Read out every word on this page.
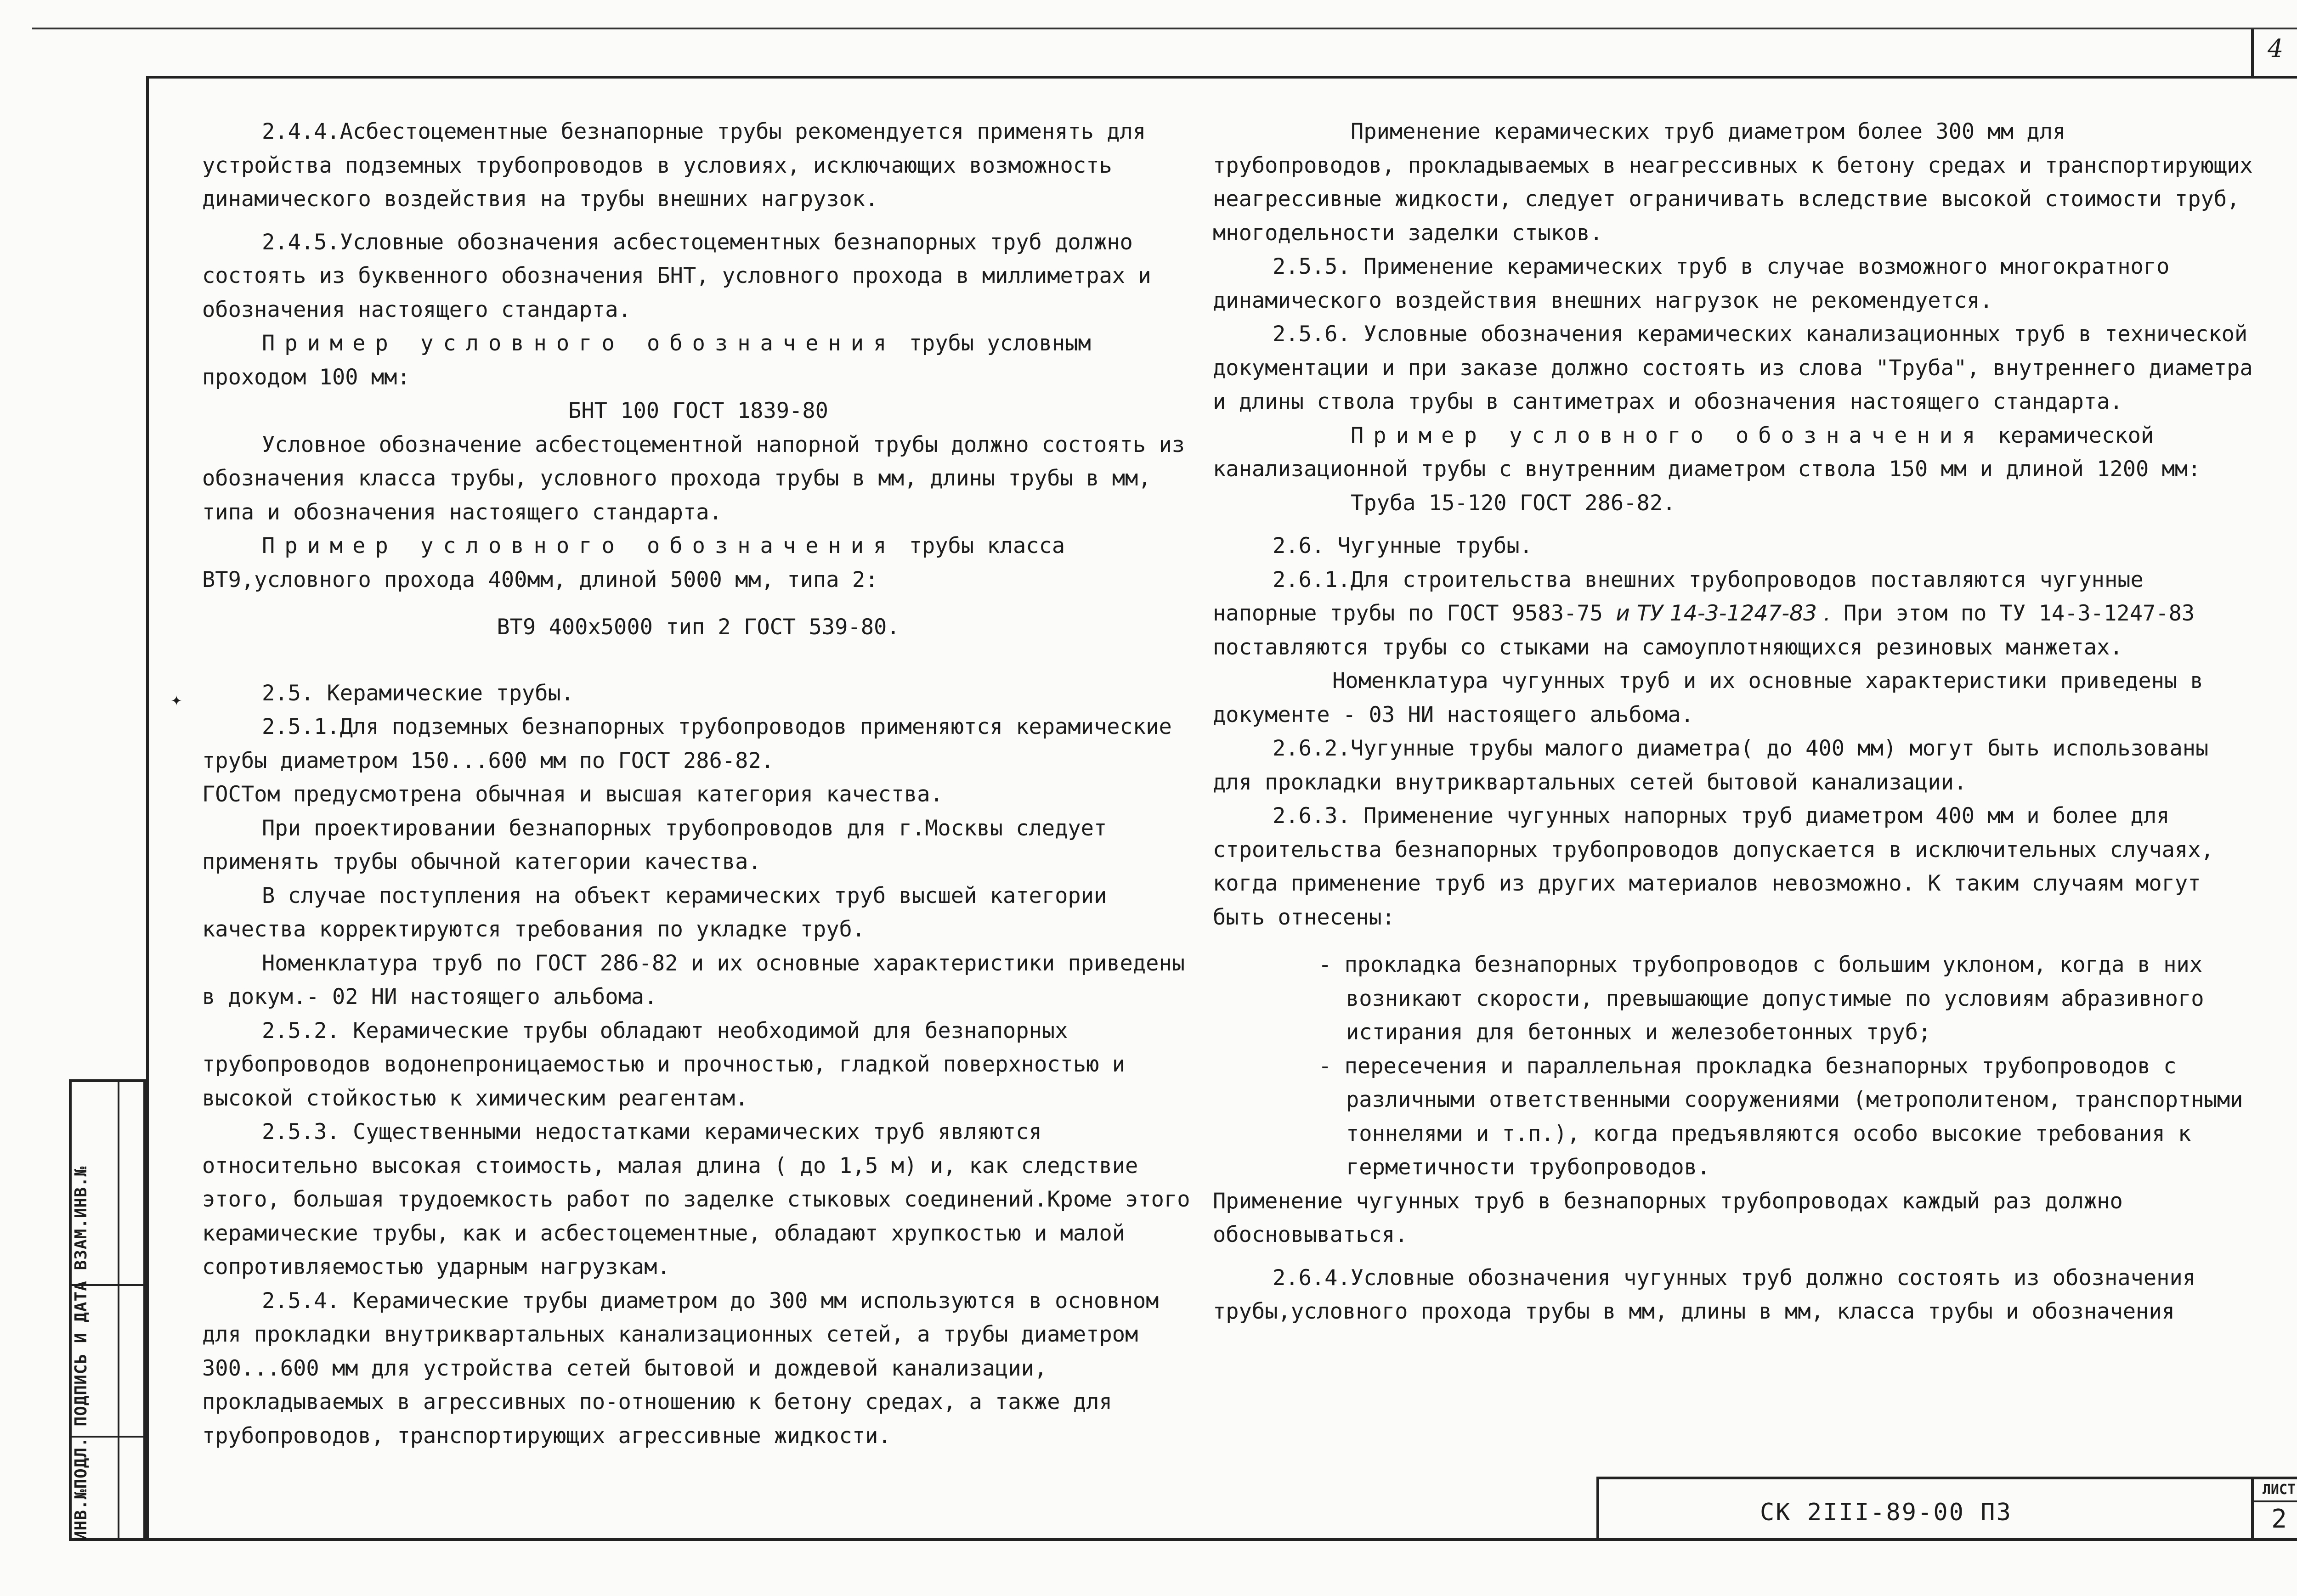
4
ИНВ.№ПОДЛ. ПОДПИСЬ И ДАТА ВЗАМ.ИНВ.№

2.4.4.Асбестоцементные безнапорные трубы рекомендуется применять для устройства подземных трубопроводов в условиях, исключающих возможность динамического воздействия на трубы внешних нагрузок.

2.4.5.Условные обозначения асбестоцементных безнапорных труб должно состоять из буквенного обозначения БНТ, условного прохода в миллиметрах и обозначения настоящего стандарта.

Пример условного обозначения трубы условным проходом 100 мм:

БНТ 100 ГОСТ 1839-80

Условное обозначение асбестоцементной напорной трубы должно состоять из обозначения класса трубы, условного прохода трубы в мм, длины трубы в мм, типа и обозначения настоящего стандарта.

Пример условного обозначения трубы класса ВТ9,условного прохода 400мм, длиной 5000 мм, типа 2:

ВТ9 400х5000 тип 2 ГОСТ 539-80.

2.5. Керамические трубы.

2.5.1.Для подземных безнапорных трубопроводов применяются керамические трубы диаметром 150...600 мм по ГОСТ 286-82.

ГОСТом предусмотрена обычная и высшая категория качества.

При проектировании безнапорных трубопроводов для г.Москвы следует применять трубы обычной категории качества.

В случае поступления на объект керамических труб высшей категории качества корректируются требования по укладке труб.

Номенклатура труб по ГОСТ 286-82 и их основные характеристики приведены в докум.- 02 НИ настоящего альбома.

2.5.2. Керамические трубы обладают необходимой для безнапорных трубопроводов водонепроницаемостью и прочностью, гладкой поверхностью и высокой стойкостью к химическим реагентам.

2.5.3. Существенными недостатками керамических труб являются относительно высокая стоимость, малая длина ( до 1,5 м) и, как следствие этого, большая трудоемкость работ по заделке стыковых соединений.Кроме этого керамические трубы, как и асбестоцементные, обладают хрупкостью и малой сопротивляемостью ударным нагрузкам.

2.5.4. Керамические трубы диаметром до 300 мм используются в основном для прокладки внутриквартальных канализационных сетей, а трубы диаметром 300...600 мм для устройства сетей бытовой и дождевой канализации, прокладываемых в агрессивных по-отношению к бетону средах, а также для трубопроводов, транспортирующих агрессивные жидкости.

Применение керамических труб диаметром более 300 мм для трубопроводов, прокладываемых в неагрессивных к бетону средах и транспортирующих неагрессивные жидкости, следует ограничивать вследствие высокой стоимости труб, многодельности заделки стыков.

2.5.5. Применение керамических труб в случае возможного многократного динамического воздействия внешних нагрузок не рекомендуется.

2.5.6. Условные обозначения керамических канализационных труб в технической документации и при заказе должно состоять из слова "Труба", внутреннего диаметра и длины ствола трубы в сантиметрах и обозначения настоящего стандарта.

Пример условного обозначения керамической канализационной трубы с внутренним диаметром ствола 150 мм и длиной 1200 мм:

Труба 15-120 ГОСТ 286-82.

2.6. Чугунные трубы.

2.6.1.Для строительства внешних трубопроводов поставляются чугунные напорные трубы по ГОСТ 9583-75 и ТУ 14-3-1247-83 . При этом по ТУ 14-3-1247-83 поставляются трубы со стыками на самоуплотняющихся резиновых манжетах.

Номенклатура чугунных труб и их основные характеристики приведены в документе - 03 НИ настоящего альбома.

2.6.2.Чугунные трубы малого диаметра( до 400 мм) могут быть использованы для прокладки внутриквартальных сетей бытовой канализации.

2.6.3. Применение чугунных напорных труб диаметром 400 мм и более для строительства безнапорных трубопроводов допускается в исключительных случаях, когда применение труб из других материалов невозможно. К таким случаям могут быть отнесены:

- прокладка безнапорных трубопроводов с большим уклоном, когда в них возникают скорости, превышающие допустимые по условиям абразивного истирания для бетонных и железобетонных труб;

- пересечения и параллельная прокладка безнапорных трубопроводов с различными ответственными сооружениями (метрополитеном, транспортными тоннелями и т.п.), когда предъявляются особо высокие требования к герметичности трубопроводов.

Применение чугунных труб в безнапорных трубопроводах каждый раз должно обосновываться.

2.6.4.Условные обозначения чугунных труб должно состоять из обозначения трубы,условного прохода трубы в мм, длины в мм, класса трубы и обозначения

СК 2III-89-00 ПЗ
ЛИСТ
2
✦
